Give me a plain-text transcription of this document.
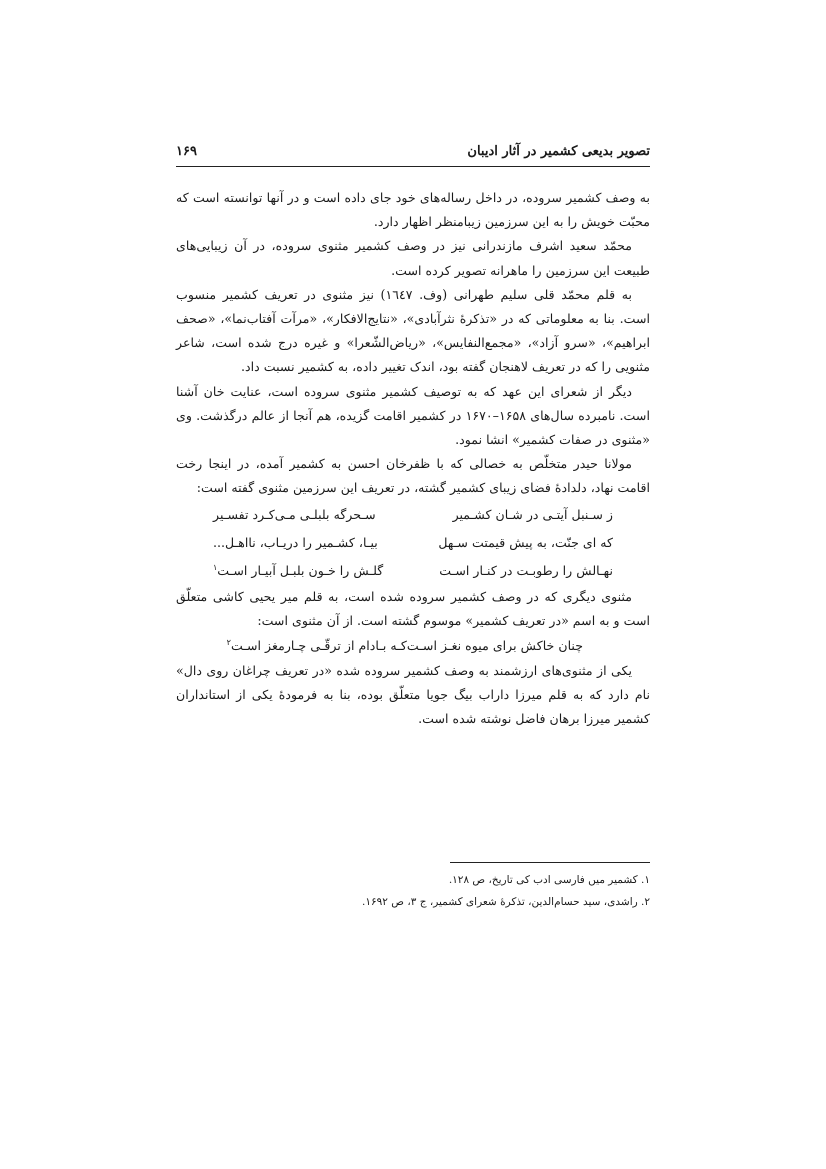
تصویر بدیعی کشمیر در آثار ادیبان
۱۶۹

به وصف کشمیر سروده، در داخل رساله‌های خود جای داده است و در آنها توانسته است که محبّت خویش را به این سرزمین زیبامنظر اظهار دارد.

محمّد سعید اشرف مازندرانی نیز در وصف کشمیر مثنوی سروده، در آن زیبایی‌های طبیعت این سرزمین را ماهرانه تصویر کرده است.

به قلم محمّد قلی سلیم طهرانی (وف. ۱٦٤٧) نیز مثنوی در تعریف کشمیر منسوب است. بنا به معلوماتی که در «تذکرۀ نثرآبادی»، «نتایج‌الافکار»، «مرآت آفتاب‌نما»، «صحف ابراهیم»، «سرو آزاد»، «مجمع‌النفایس»، «ریاض‌الشّعرا» و غیره درج شده است، شاعر مثنویی را که در تعریف لاهنجان گفته بود، اندک تغییر داده، به کشمیر نسبت داد.

دیگر از شعرای این عهد که به توصیف کشمیر مثنوی سروده است، عنایت خان آشنا است. نامبرده سال‌های ۱۶۵۸–۱۶۷۰ در کشمیر اقامت گزیده، هم آنجا از عالم درگذشت. وی «مثنوی در صفات کشمیر» انشا نمود.

مولانا حیدر متخلّص به خصالی که با ظفرخان احسن به کشمیر آمده، در اینجا رخت اقامت نهاد، دلدادۀ فضای زیبای کشمیر گشته، در تعریف این سرزمین مثنوی گفته است:

ز سـنبل آیتـی در شـان کشـمیر
سـحرگه بلبلـی مـی‌کـرد تفسـیر
که ای جنّت، به پیش قیمتت سـهل
بیـا، کشـمیر را دریـاب، ناا‌هـل...
نهـالش را رطوبـت در کنـار اسـت
گلـش را خـون بلبـل آبیـار اسـت$^۱$

مثنوی دیگری که در وصف کشمیر سروده شده است، به قلم میر یحیی کاشی متعلّق است و به اسم «در تعریف کشمیر» موسوم گشته است. از آن مثنوی است:

چنان خاکش برای میوه نغـز اسـت
کـه بـادام از ترقّـی چـارمغز اسـت$^۲$

یکی از مثنوی‌های ارزشمند به وصف کشمیر سروده شده «در تعریف چراغان روی دال» نام دارد که به قلم میرزا داراب بیگ جویا متعلّق بوده، بنا به فرمودۀ یکی از استانداران کشمیر میرزا برهان فاضل نوشته شده است.

۱. کشمیر میں فارسی ادب کی تاریخ، ص ۱۲۸.
۲. راشدی، سید حسام‌الدین، تذکرۀ شعرای کشمیر، ج ۳، ص ۱۶۹۲.
